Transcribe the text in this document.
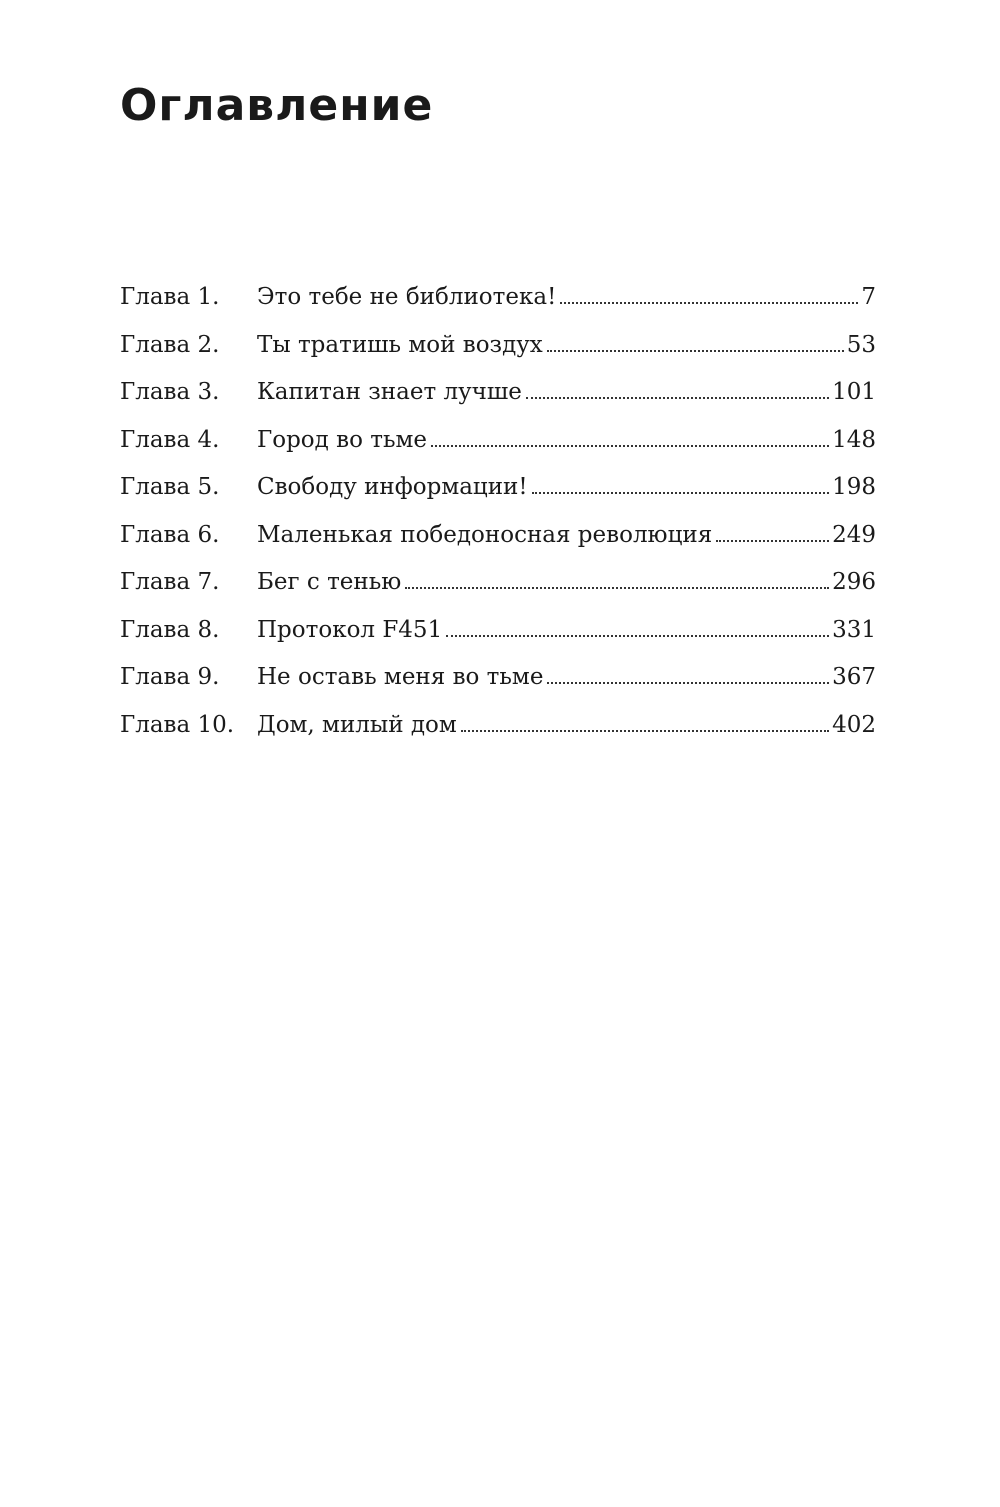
Оглавление
Глава 1.	Это тебе не библиотека!	7
Глава 2.	Ты тратишь мой воздух	53
Глава 3.	Капитан знает лучше	101
Глава 4.	Город во тьме	148
Глава 5.	Свободу информации!	198
Глава 6.	Маленькая победоносная революция	249
Глава 7.	Бег с тенью	296
Глава 8.	Протокол F451	331
Глава 9.	Не оставь меня во тьме	367
Глава 10. Дом, милый дом	402
